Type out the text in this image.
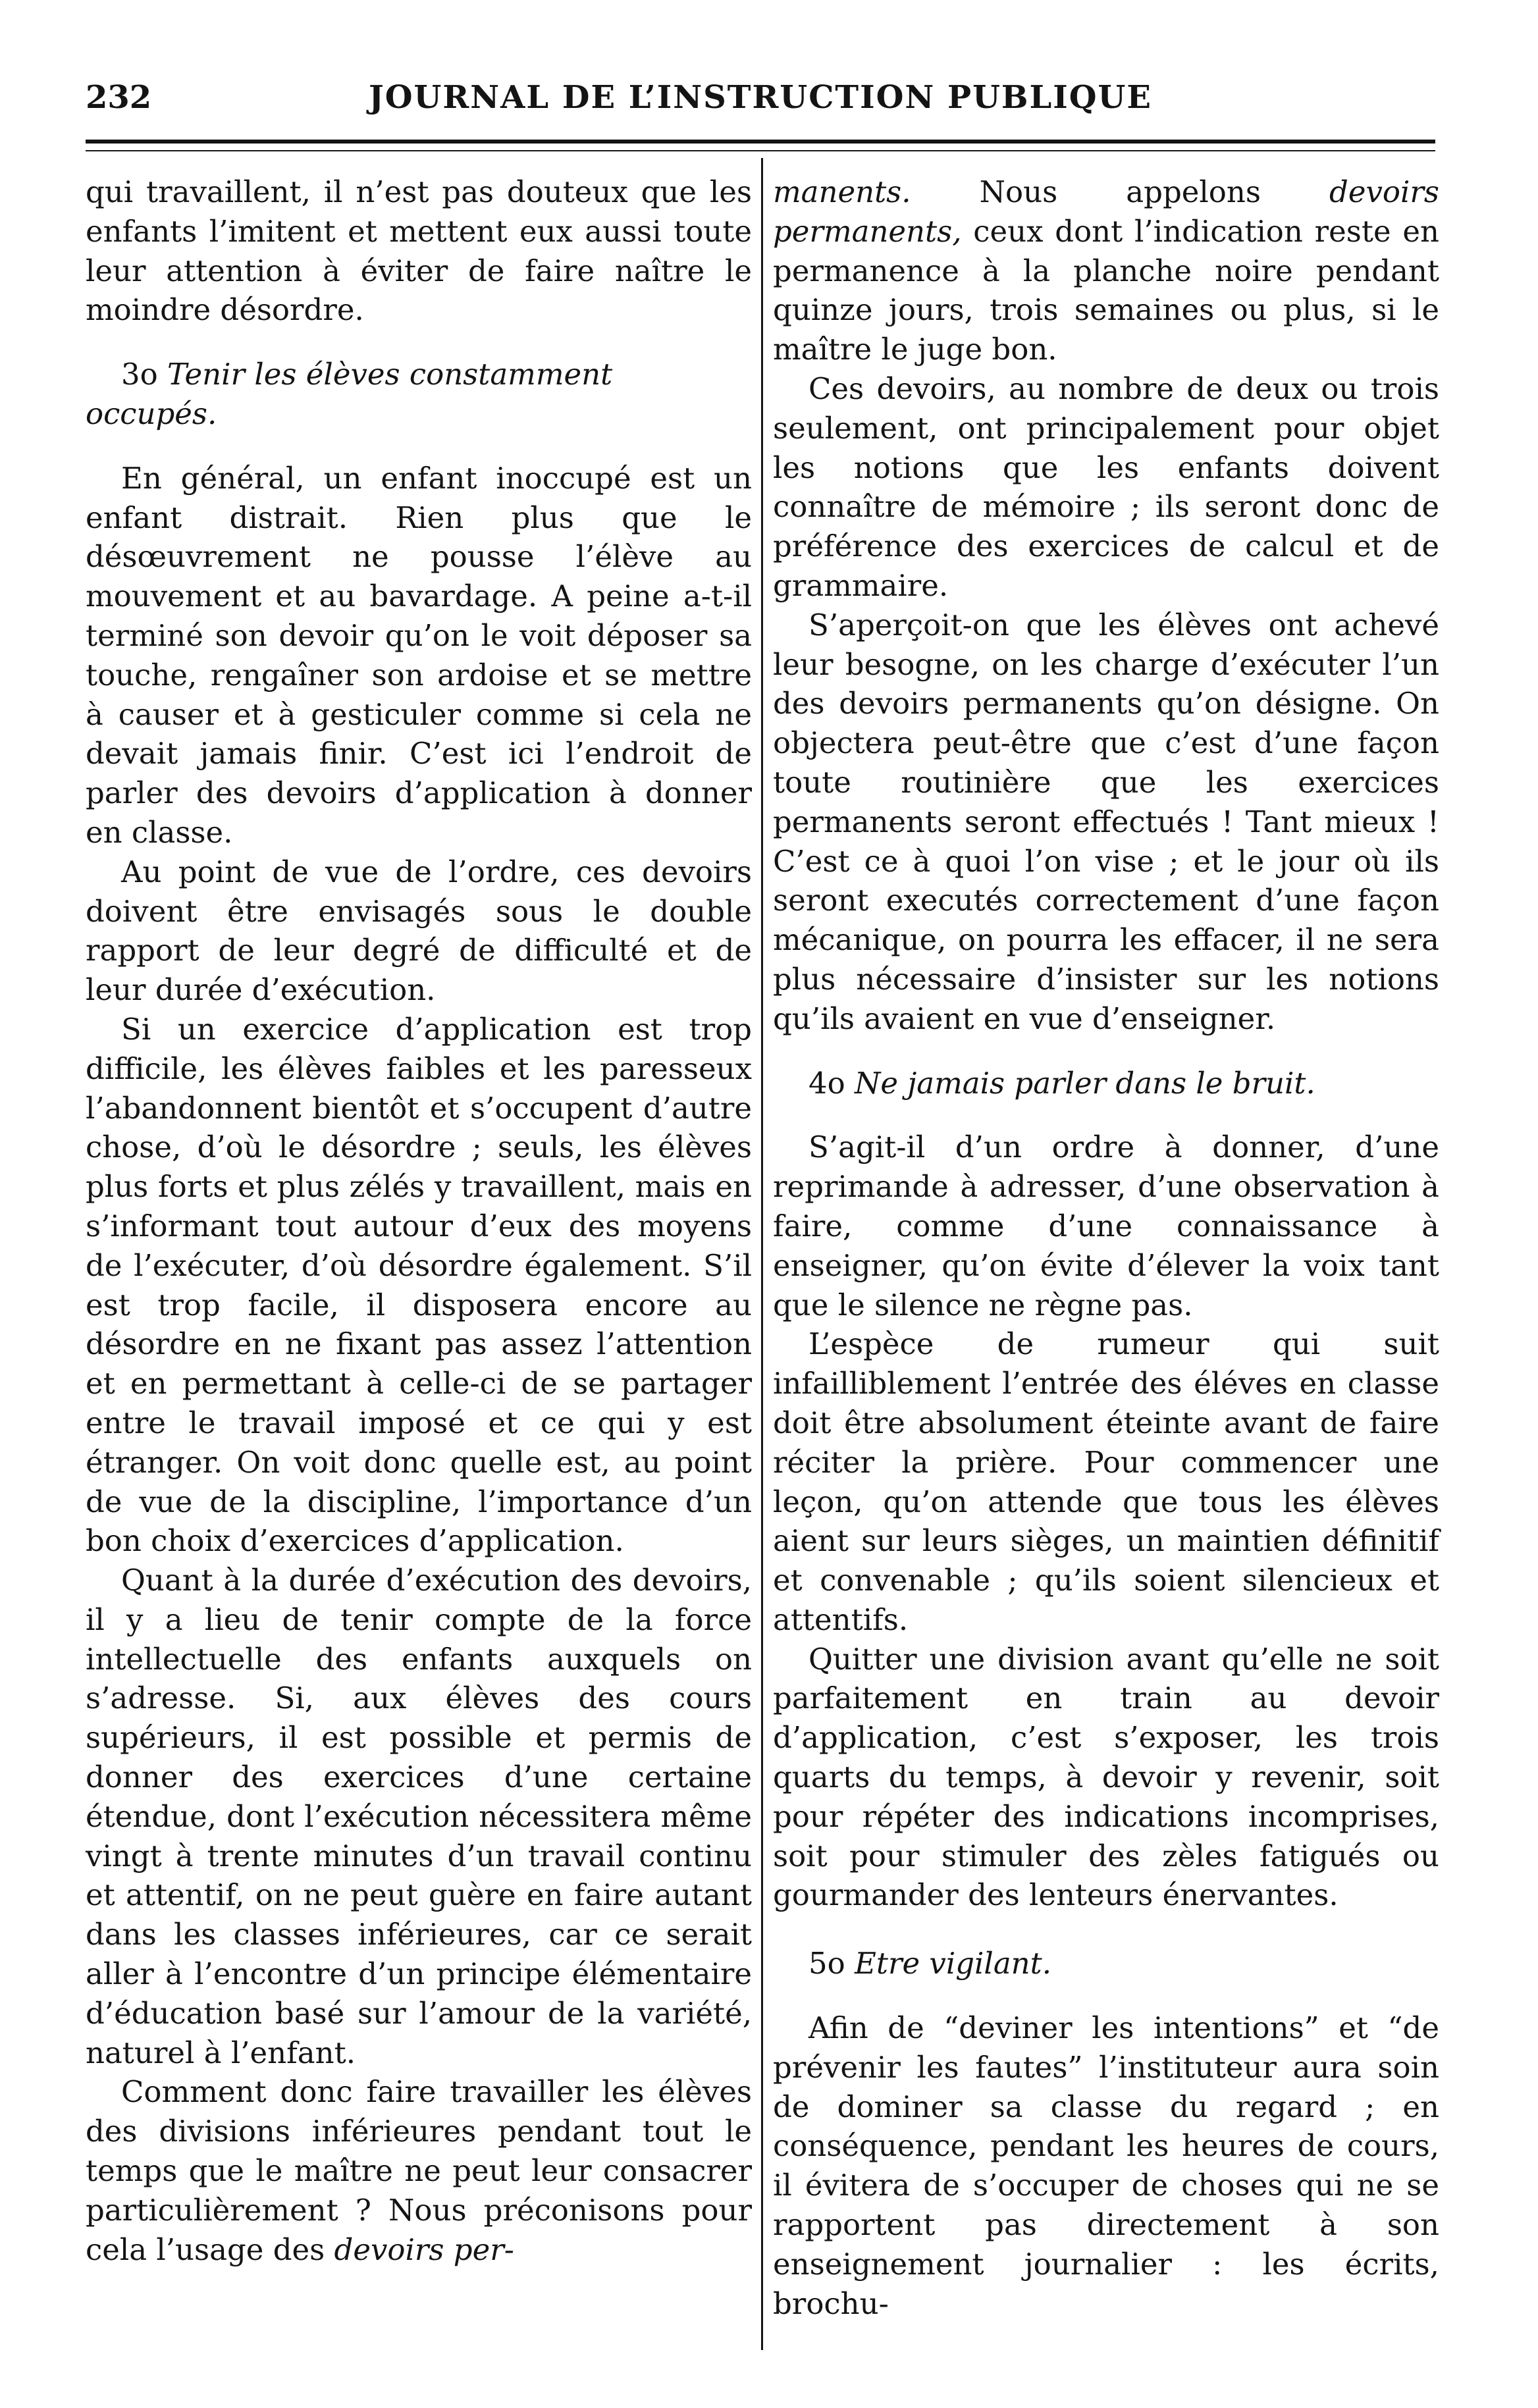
232	JOURNAL DE L’INSTRUCTION PUBLIQUE

qui travaillent, il n’est pas douteux que les enfants l’imitent et mettent eux aussi toute leur attention à éviter de faire naître le moindre désordre.

3o Tenir les élèves constamment occupés.

En général, un enfant inoccupé est un enfant distrait. Rien plus que le désœuvrement ne pousse l’élève au mouvement et au bavardage. A peine a-t-il terminé son devoir qu’on le voit déposer sa touche, rengaîner son ardoise et se mettre à causer et à gesticuler comme si cela ne devait jamais finir. C’est ici l’endroit de parler des devoirs d’application à donner en classe.

Au point de vue de l’ordre, ces devoirs doivent être envisagés sous le double rapport de leur degré de difficulté et de leur durée d’exécution.

Si un exercice d’application est trop difficile, les élèves faibles et les paresseux l’abandonnent bientôt et s’occupent d’autre chose, d’où le désordre ; seuls, les élèves plus forts et plus zélés y travaillent, mais en s’informant tout autour d’eux des moyens de l’exécuter, d’où désordre également. S’il est trop facile, il disposera encore au désordre en ne fixant pas assez l’attention et en permettant à celle-ci de se partager entre le travail imposé et ce qui y est étranger. On voit donc quelle est, au point de vue de la discipline, l’importance d’un bon choix d’exercices d’application.

Quant à la durée d’exécution des devoirs, il y a lieu de tenir compte de la force intellectuelle des enfants auxquels on s’adresse. Si, aux élèves des cours supérieurs, il est possible et permis de donner des exercices d’une certaine étendue, dont l’exécution nécessitera même vingt à trente minutes d’un travail continu et attentif, on ne peut guère en faire autant dans les classes inférieures, car ce serait aller à l’encontre d’un principe élémentaire d’éducation basé sur l’amour de la variété, naturel à l’enfant.

Comment donc faire travailler les élèves des divisions inférieures pendant tout le temps que le maître ne peut leur consacrer particulièrement ? Nous préconisons pour cela l’usage des devoirs per-

manents. Nous appelons devoirs permanents, ceux dont l’indication reste en permanence à la planche noire pendant quinze jours, trois semaines ou plus, si le maître le juge bon.

Ces devoirs, au nombre de deux ou trois seulement, ont principalement pour objet les notions que les enfants doivent connaître de mémoire ; ils seront donc de préférence des exercices de calcul et de grammaire.

S’aperçoit-on que les élèves ont achevé leur besogne, on les charge d’exécuter l’un des devoirs permanents qu’on désigne. On objectera peut-être que c’est d’une façon toute routinière que les exercices permanents seront effectués ! Tant mieux ! C’est ce à quoi l’on vise ; et le jour où ils seront executés correctement d’une façon mécanique, on pourra les effacer, il ne sera plus nécessaire d’insister sur les notions qu’ils avaient en vue d’enseigner.

4o Ne jamais parler dans le bruit.

S’agit-il d’un ordre à donner, d’une reprimande à adresser, d’une observation à faire, comme d’une connaissance à enseigner, qu’on évite d’élever la voix tant que le silence ne règne pas.

L’espèce de rumeur qui suit infailliblement l’entrée des éléves en classe doit être absolument éteinte avant de faire réciter la prière. Pour commencer une leçon, qu’on attende que tous les élèves aient sur leurs sièges, un maintien définitif et convenable ; qu’ils soient silencieux et attentifs.

Quitter une division avant qu’elle ne soit parfaitement en train au devoir d’application, c’est s’exposer, les trois quarts du temps, à devoir y revenir, soit pour répéter des indications incomprises, soit pour stimuler des zèles fatigués ou gourmander des lenteurs énervantes.

5o Etre vigilant.

Afin de “deviner les intentions” et “de prévenir les fautes” l’instituteur aura soin de dominer sa classe du regard ; en conséquence, pendant les heures de cours, il évitera de s’occuper de choses qui ne se rapportent pas directement à son enseignement journalier : les écrits, brochu-
